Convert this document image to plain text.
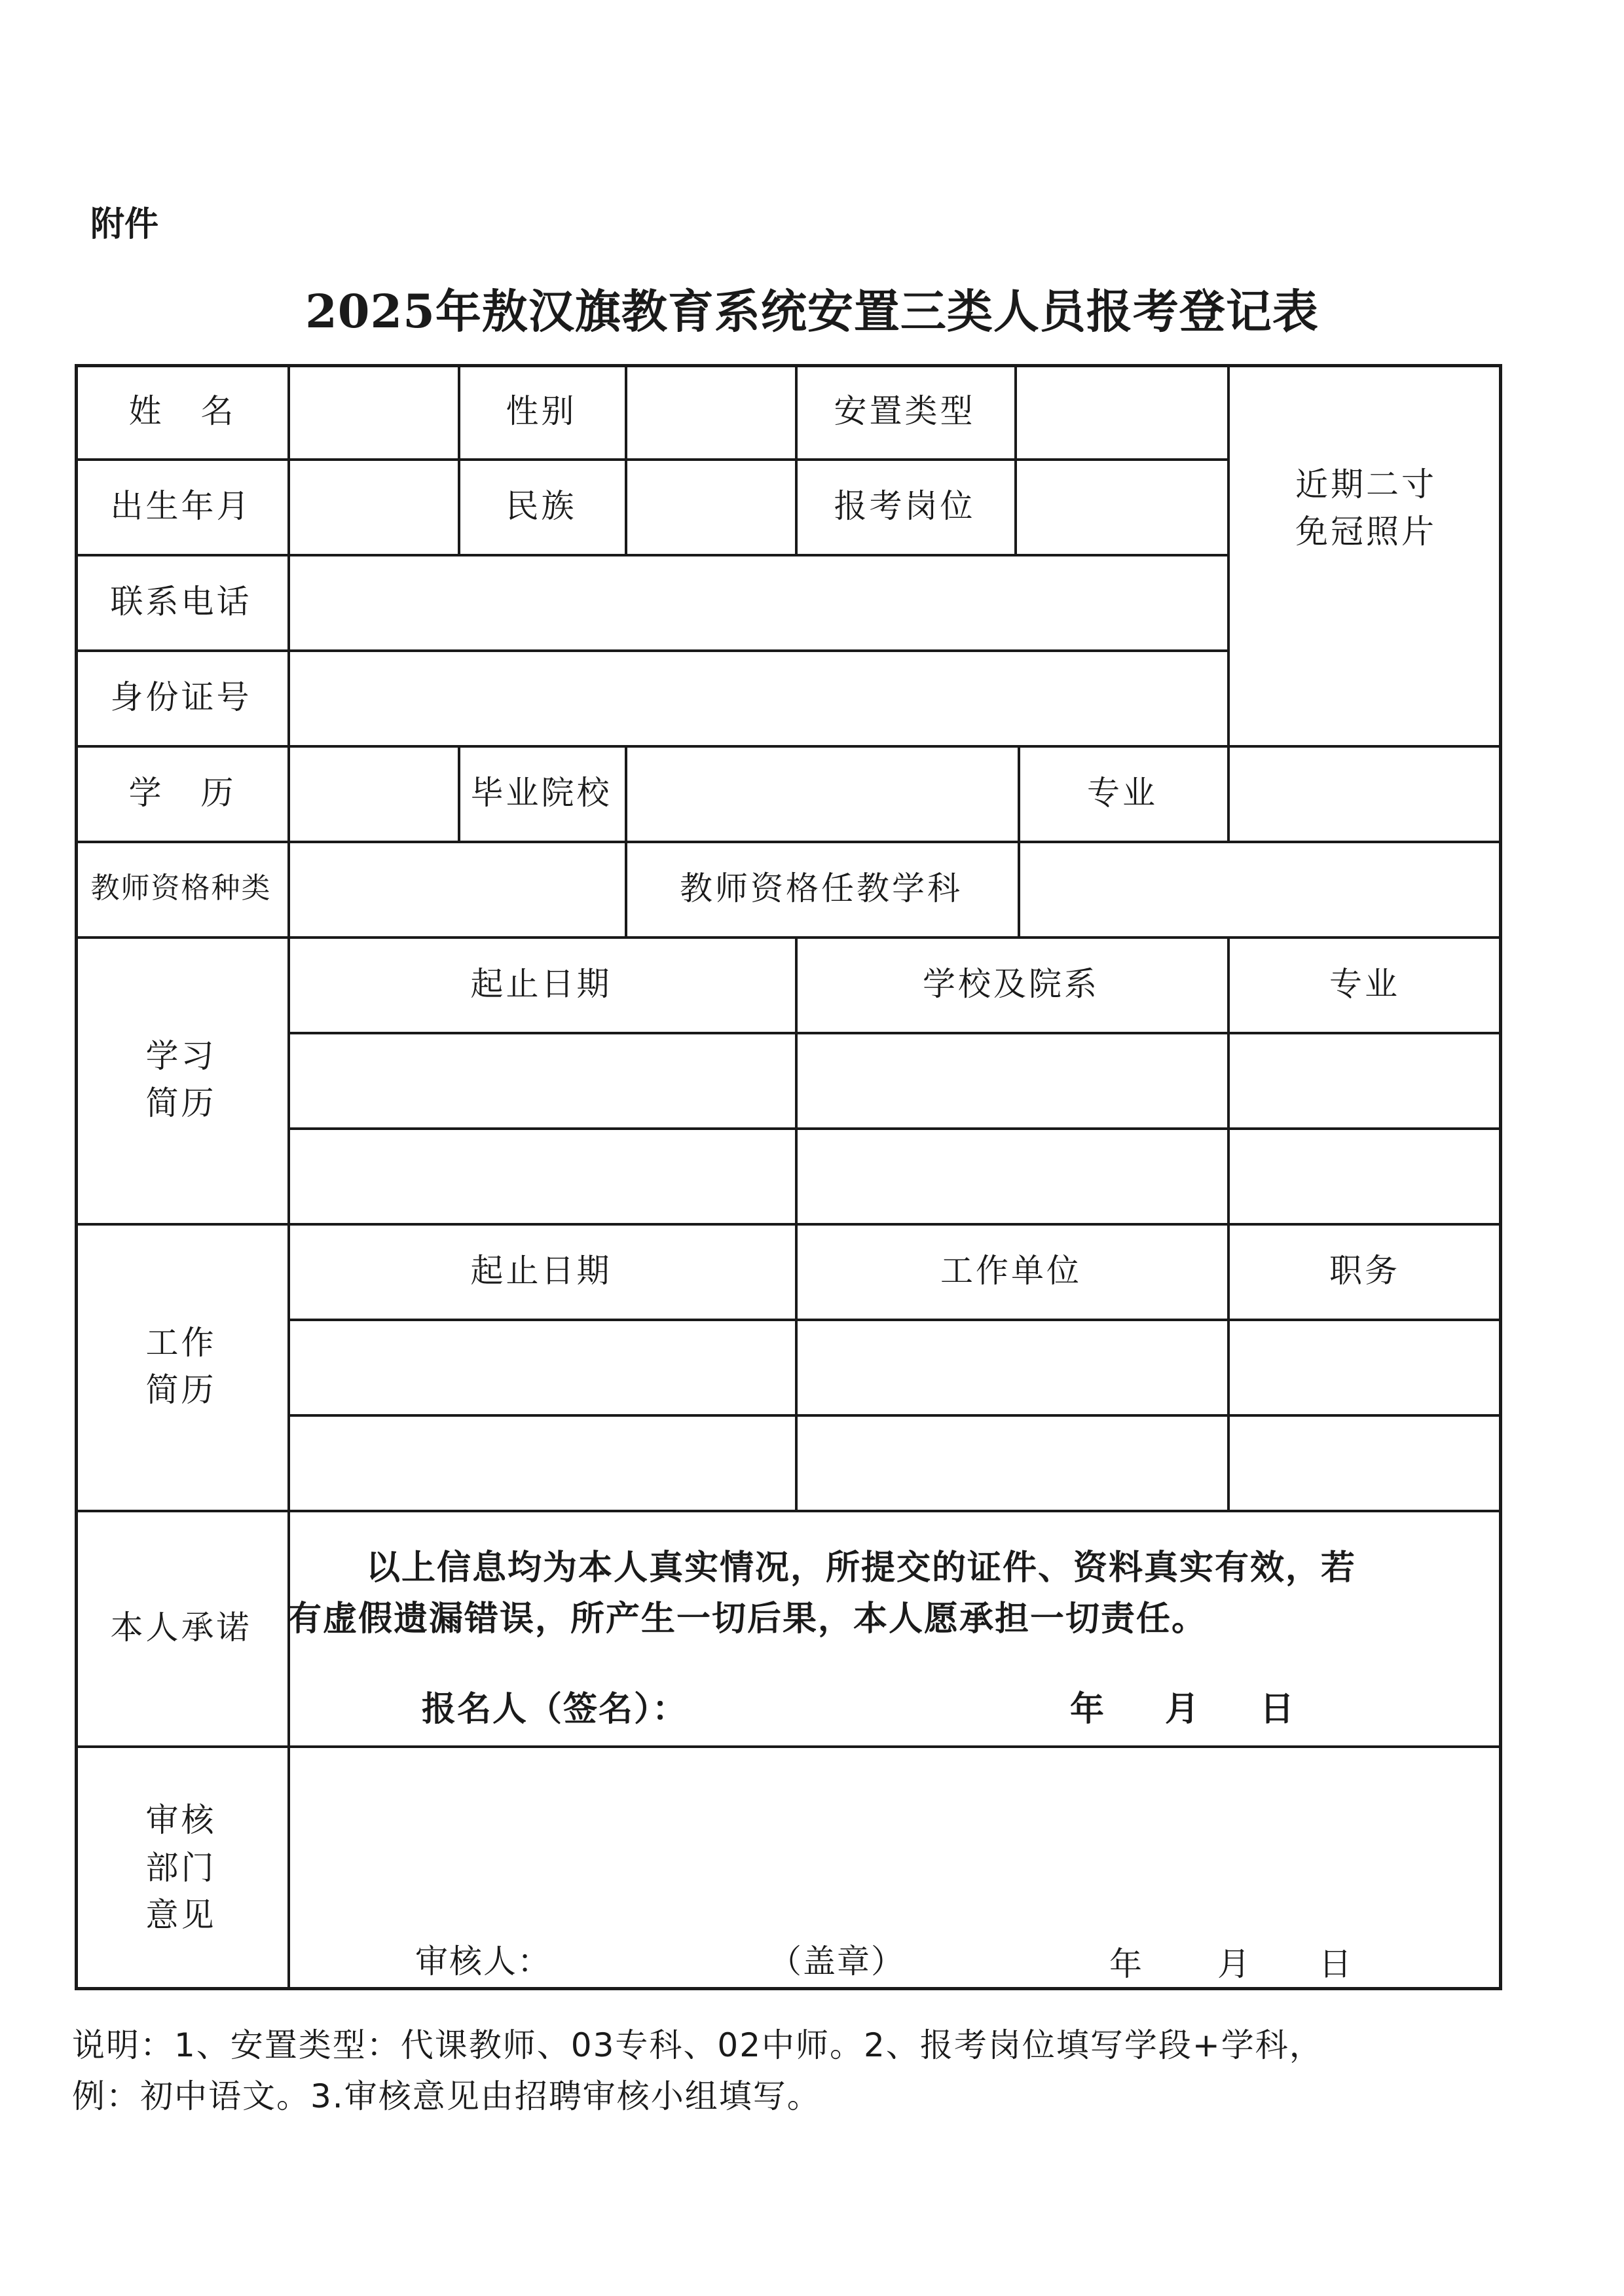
附件
2025年敖汉旗教育系统安置三类人员报考登记表
姓名	性别	安置类型
出生年月	民族	报考岗位
近期二寸
免冠照片
联系电话
身份证号
学历	毕业院校	专业
教师资格种类	教师资格任教学科
学习
简历
起止日期	学校及院系	专业
工作
简历
起止日期	工作单位	职务
本人承诺
以上信息均为本人真实情况，所提交的证件、资料真实有效，若
有虚假遗漏错误，所产生一切后果，本人愿承担一切责任。
报名人（签名）：	年 月 日
审核
部门
意见
审核人：	（盖章）	年 月 日
说明：1、安置类型：代课教师、03专科、02中师。2、报考岗位填写学段+学科，
例：初中语文。3.审核意见由招聘审核小组填写。
